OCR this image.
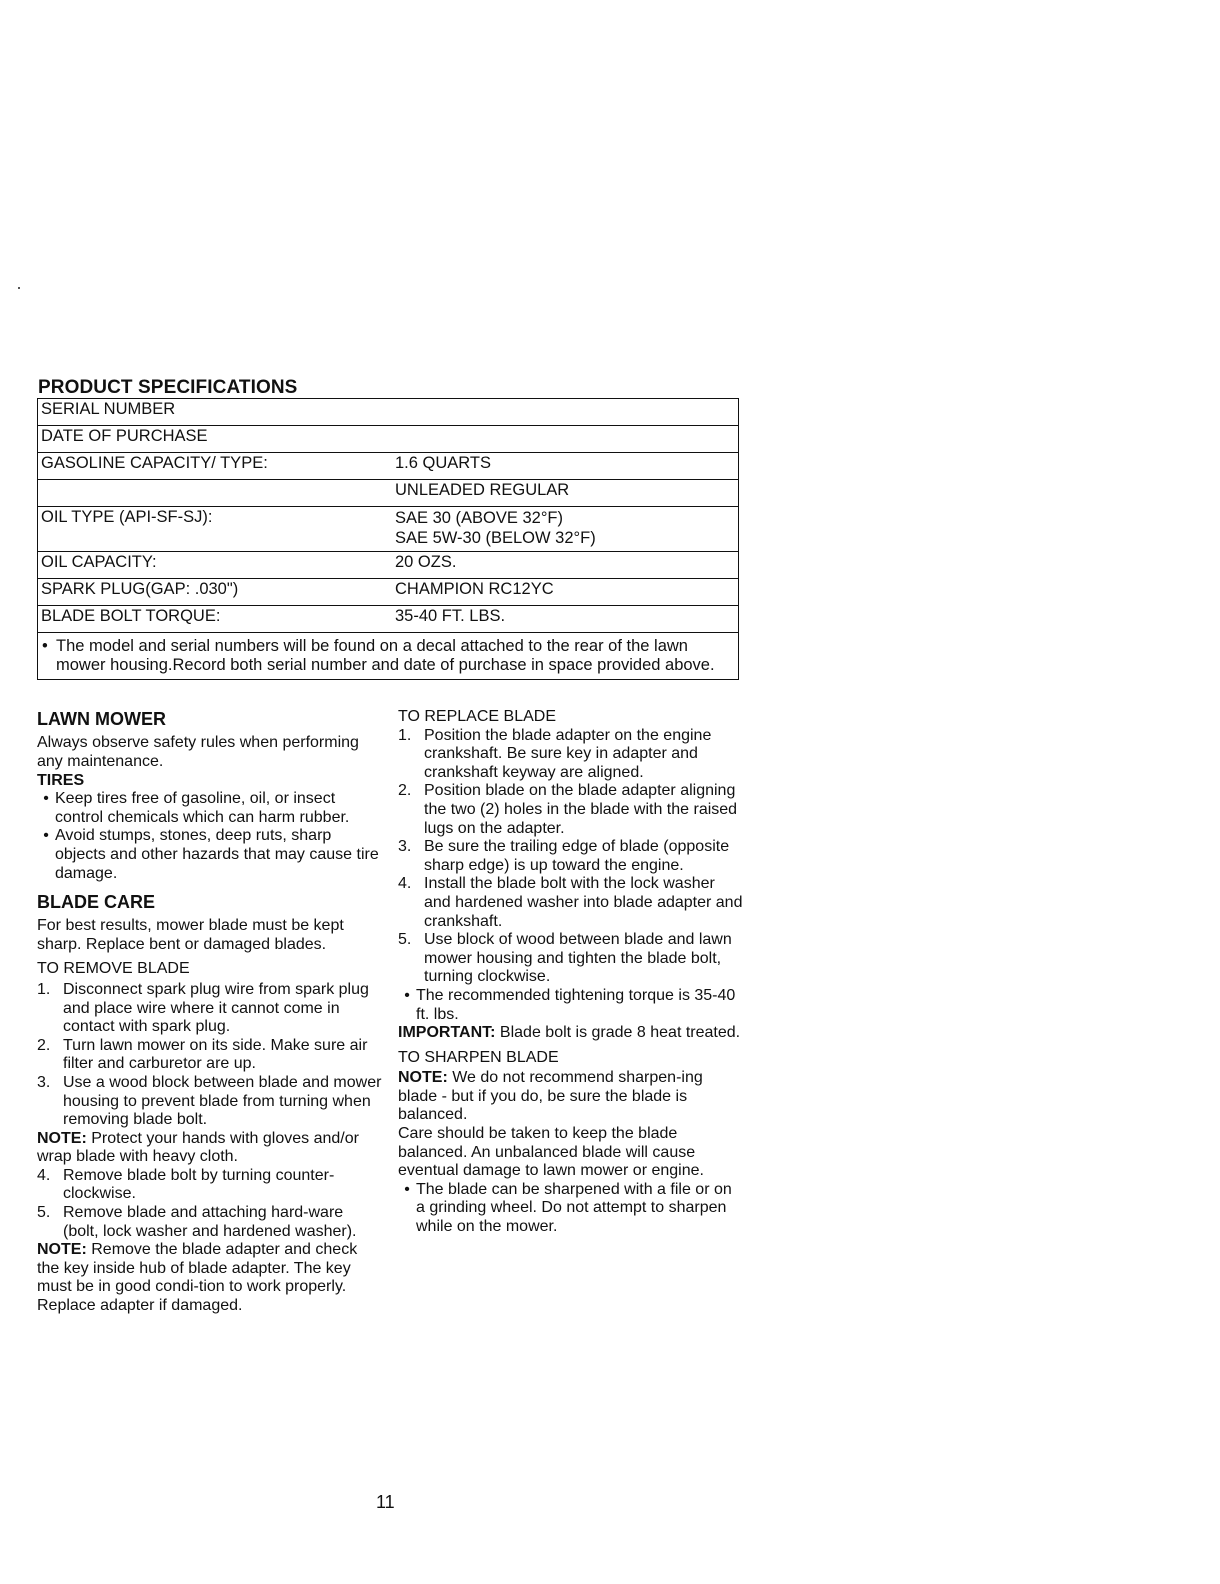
PRODUCT SPECIFICATIONS
SERIAL NUMBER
DATE OF PURCHASE
GASOLINE CAPACITY/ TYPE:	1.6 QUARTS
UNLEADED REGULAR
OIL TYPE (API-SF-SJ):	SAE 30 (ABOVE 32°F)
SAE 5W-30 (BELOW 32°F)
OIL CAPACITY:	20 OZS.
SPARK PLUG(GAP: .030")	CHAMPION RC12YC
BLADE BOLT TORQUE:	35-40 FT. LBS.
• The model and serial numbers will be found on a decal attached to the rear of the lawn mower housing.Record both serial number and date of purchase in space provided above.
LAWN MOWER

Always observe safety rules when performing any maintenance.

TIRES
• Keep tires free of gasoline, oil, or insect control chemicals which can harm rubber.
• Avoid stumps, stones, deep ruts, sharp objects and other hazards that may cause tire damage.
BLADE CARE

For best results, mower blade must be kept sharp. Replace bent or damaged blades.

TO REMOVE BLADE

1. Disconnect spark plug wire from spark plug and place wire where it cannot come in contact with spark plug.
2. Turn lawn mower on its side. Make sure air filter and carburetor are up.
3. Use a wood block between blade and mower housing to prevent blade from turning when removing blade bolt.

NOTE: Protect your hands with gloves and/or wrap blade with heavy cloth.

4. Remove blade bolt by turning counter-clockwise.
5. Remove blade and attaching hard-ware (bolt, lock washer and hardened washer).

NOTE: Remove the blade adapter and check the key inside hub of blade adapter. The key must be in good condi-tion to work properly. Replace adapter if damaged.

TO REPLACE BLADE

1. Position the blade adapter on the engine crankshaft. Be sure key in adapter and crankshaft keyway are aligned.
2. Position blade on the blade adapter aligning the two (2) holes in the blade with the raised lugs on the adapter.
3. Be sure the trailing edge of blade (opposite sharp edge) is up toward the engine.
4. Install the blade bolt with the lock washer and hardened washer into blade adapter and crankshaft.
5. Use block of wood between blade and lawn mower housing and tighten the blade bolt, turning clockwise.
• The recommended tightening torque is 35-40 ft. lbs.

IMPORTANT: Blade bolt is grade 8 heat treated.

TO SHARPEN BLADE

NOTE: We do not recommend sharpen-ing blade - but if you do, be sure the blade is balanced.

Care should be taken to keep the blade balanced. An unbalanced blade will cause eventual damage to lawn mower or engine.

• The blade can be sharpened with a file or on a grinding wheel. Do not attempt to sharpen while on the mower.
11
